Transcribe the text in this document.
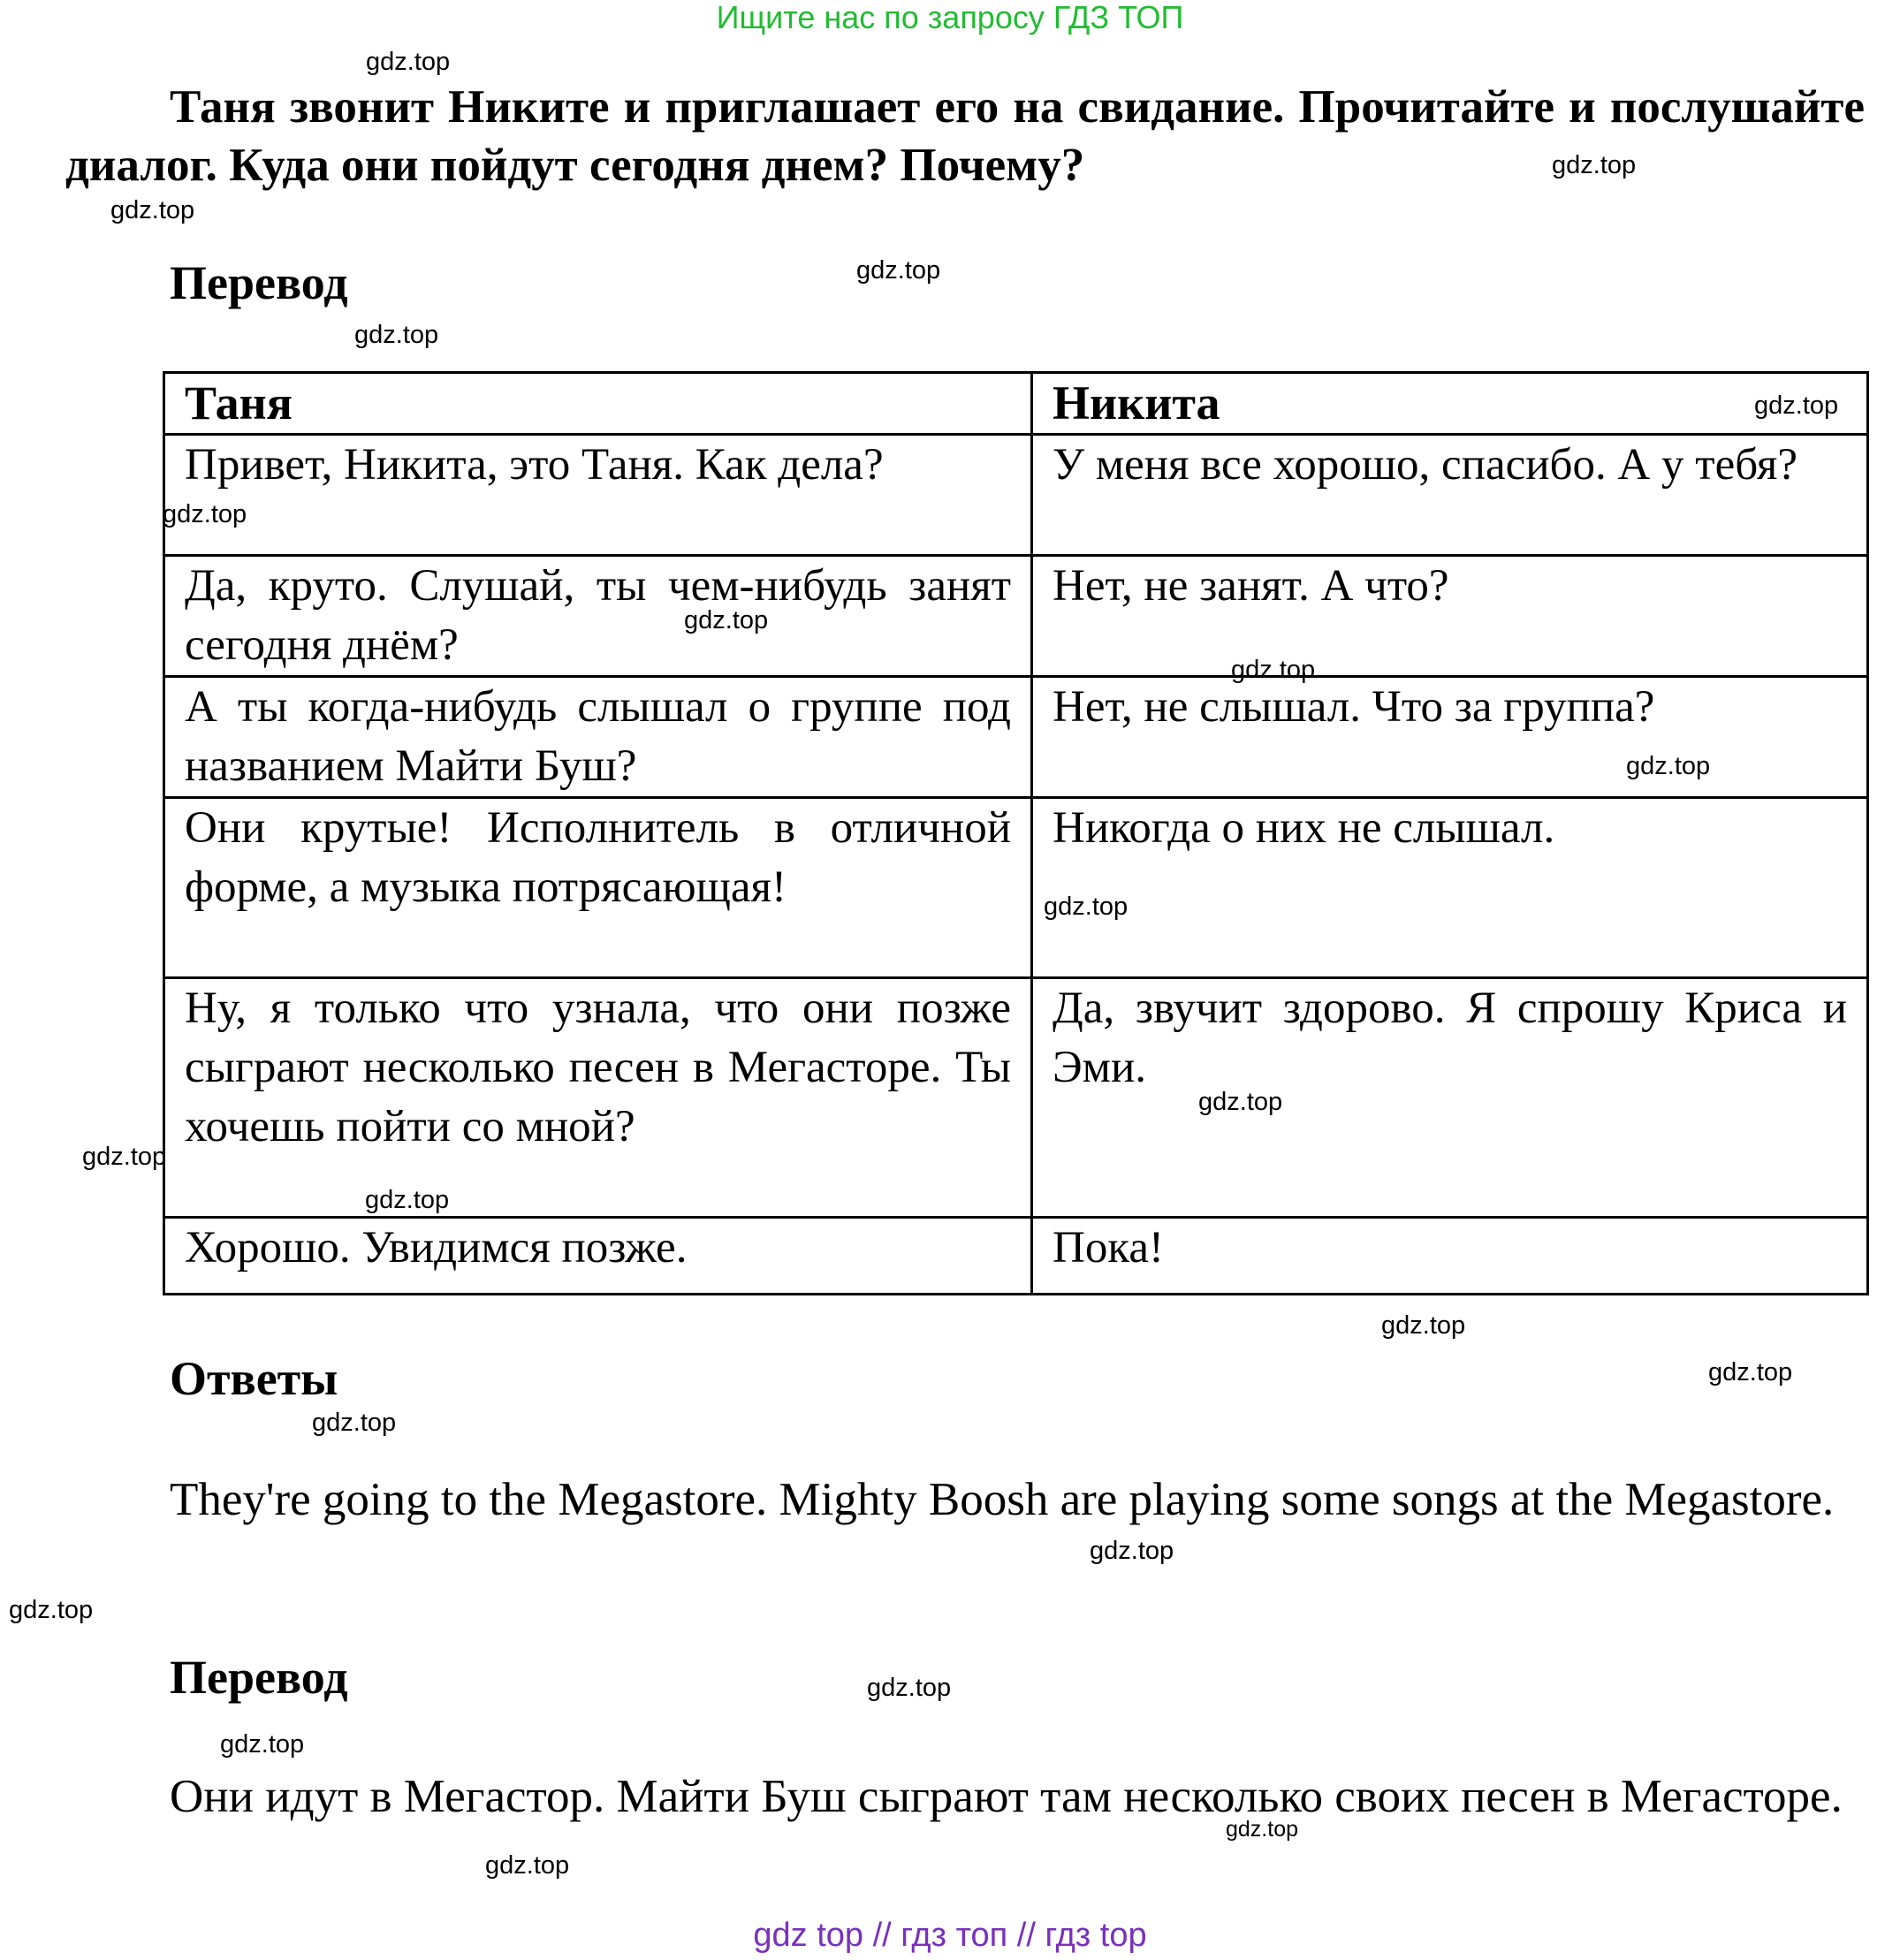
Ищите нас по запросу ГДЗ ТОП

Таня звонит Никите и приглашает его на свидание. Прочитайте и послушайте диалог. Куда они пойдут сегодня днем? Почему?

Перевод
Таня	Никита
Привет, Никита, это Таня. Как дела?	У меня все хорошо, спасибо. А у тебя?
Да, круто. Слушай, ты чем-нибудь занят сегодня днём?	Нет, не занят. А что?
А ты когда-нибудь слышал о группе под названием Майти Буш?	Нет, не слышал. Что за группа?
Они крутые! Исполнитель в отличной форме, а музыка потрясающая!	Никогда о них не слышал.
Ну, я только что узнала, что они позже сыграют несколько песен в Мегасторе. Ты хочешь пойти со мной?	Да, звучит здорово. Я спрошу Криса и Эми.
Хорошо. Увидимся позже.	Пока!
Ответы

They're going to the Megastore. Mighty Boosh are playing some songs at the Megastore.

Перевод

Они идут в Мегастор. Майти Буш сыграют там несколько своих песен в Мегасторе.

gdz.top
gdz.top
gdz.top
gdz.top
gdz.top
gdz.top
gdz.top
gdz.top
gdz.top
gdz.top
gdz.top
gdz.top
gdz.top
gdz.top
gdz.top
gdz.top
gdz.top
gdz.top
gdz.top
gdz.top
gdz.top
gdz.top
gdz.top
gdz top // гдз топ // гдз top
